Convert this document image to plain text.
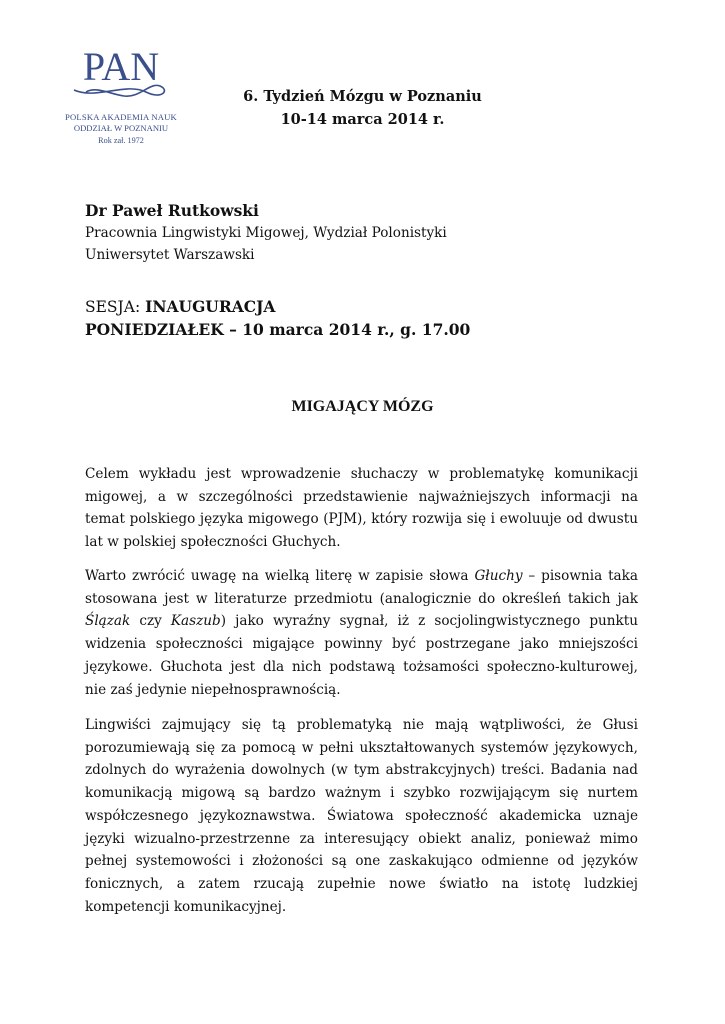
PAN
POLSKA AKADEMIA NAUK
ODDZIAŁ W POZNANIU
Rok zał. 1972
6. Tydzień Mózgu w Poznaniu
10-14 marca 2014 r.
Dr Paweł Rutkowski
Pracownia Lingwistyki Migowej, Wydział Polonistyki
Uniwersytet Warszawski
SESJA: INAUGURACJA
PONIEDZIAŁEK – 10 marca 2014 r., g. 17.00
MIGAJĄCY MÓZG

Celem wykładu jest wprowadzenie słuchaczy w problematykę komunikacji migowej, a w szczególności przedstawienie najważniejszych informacji na temat polskiego języka migowego (PJM), który rozwija się i ewoluuje od dwustu lat w polskiej społeczności Głuchych.

Warto zwrócić uwagę na wielką literę w zapisie słowa Głuchy – pisownia taka stosowana jest w literaturze przedmiotu (analogicznie do określeń takich jak Ślązak czy Kaszub) jako wyraźny sygnał, iż z socjolingwistycznego punktu widzenia społeczności migające powinny być postrzegane jako mniejszości językowe. Głuchota jest dla nich podstawą tożsamości społeczno-kulturowej, nie zaś jedynie niepełnosprawnością.

Lingwiści zajmujący się tą problematyką nie mają wątpliwości, że Głusi porozumiewają się za pomocą w pełni ukształtowanych systemów językowych, zdolnych do wyrażenia dowolnych (w tym abstrakcyjnych) treści. Badania nad komunikacją migową są bardzo ważnym i szybko rozwijającym się nurtem współczesnego językoznawstwa. Światowa społeczność akademicka uznaje języki wizualno-przestrzenne za interesujący obiekt analiz, ponieważ mimo pełnej systemowości i złożoności są one zaskakująco odmienne od języków fonicznych, a zatem rzucają zupełnie nowe światło na istotę ludzkiej kompetencji komunikacyjnej.
